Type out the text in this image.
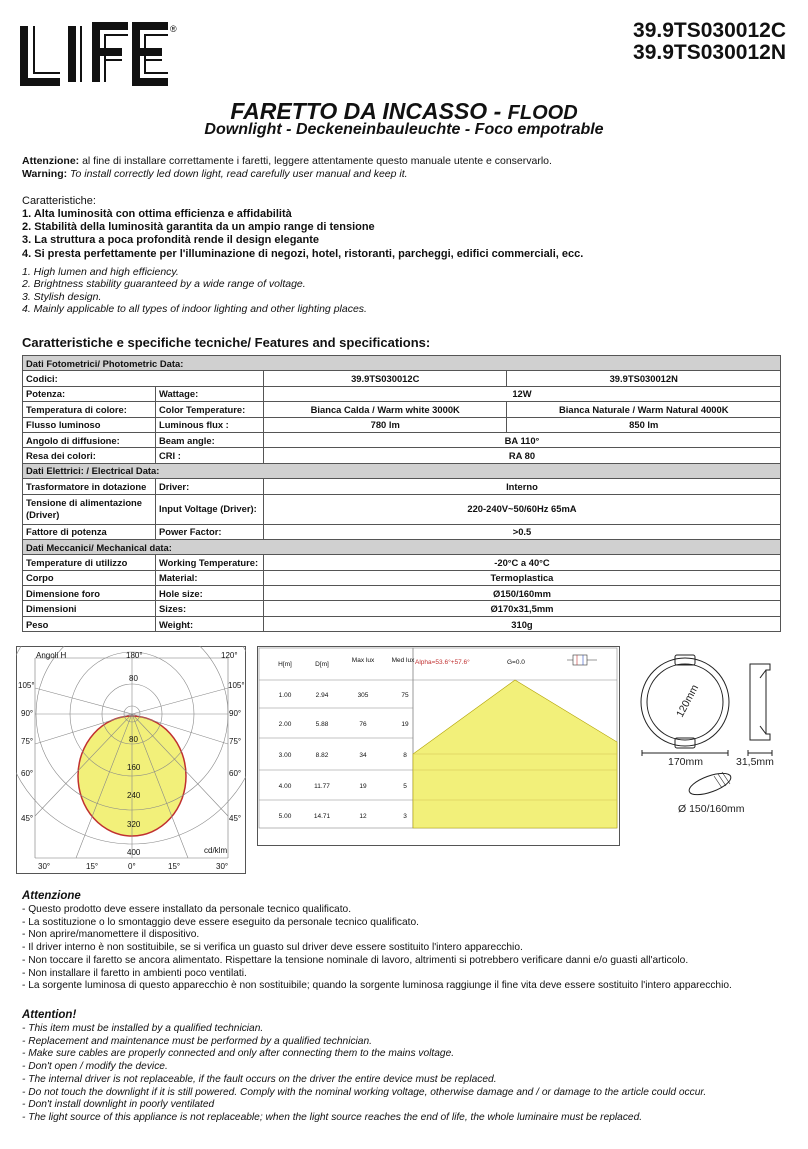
®	39.9TS030012C
39.9TS030012N
FARETTO DA INCASSO - FLOOD
Downlight - Deckeneinbauleuchte - Foco empotrable
Attenzione: al fine di installare correttamente i faretti, leggere attentamente questo manuale utente e conservarlo.
Warning: To install correctly led down light, read carefully user manual and keep it.
Caratteristiche:
1. Alta luminosità con ottima efficienza e affidabilità
2. Stabilità della luminosità garantita da un ampio range di tensione
3. La struttura a poca profondità rende il design elegante
4. Si presta perfettamente per l'illuminazione di negozi, hotel, ristoranti, parcheggi, edifici commerciali, ecc.
1. High lumen and high efficiency.
2. Brightness stability guaranteed by a wide range of voltage.
3. Stylish design.
4. Mainly applicable to all types of indoor lighting and other lighting places.
Caratteristiche e specifiche tecniche/ Features and specifications:
Dati Fotometrici/ Photometric Data:			
Codici:		39.9TS030012C	39.9TS030012N
Potenza:	Wattage:	12W	
Temperatura di colore:	Color Temperature:	Bianca Calda / Warm white 3000K	Bianca Naturale / Warm Natural 4000K
Flusso luminoso	Luminous flux :	780 lm	850 lm
Angolo di diffusione:	Beam angle:	BA 110°	
Resa dei colori:	CRI :	RA 80	
Dati Elettrici: / Electrical Data:			
Trasformatore in dotazione	Driver:	Interno	
Tensione di alimentazione (Driver)	Input Voltage (Driver):	220-240V~50/60Hz 65mA	
Fattore di potenza	Power Factor:	>0.5	
Dati Meccanici/ Mechanical data:			
Temperature di utilizzo	Working Temperature:	-20°C a 40°C	
Corpo	Material:	Termoplastica	
Dimensione foro	Hole size:	Ø150/160mm	
Dimensioni	Sizes:	Ø170x31,5mm	
Peso	Weight:	310g	
Angoli H	180°	120°
80
105°	105°
90°	90°
75°	75°
60°	60°
45°	45°
80
160
240
320
400	cd/klm
30°	15°	0°	15°	30°
H[m]	D[m]
Max lux	Med lux
1.00	2.94	305	75
2.00	5.88	76	19
3.00	8.82	34	8
4.00	11.77	19	5
5.00	14.71	12	3
Alpha=53.6°+57.6°	G=0.0
120mm
170mm	31,5mm
Ø 150/160mm
Attenzione
- Questo prodotto deve essere installato da personale tecnico qualificato.
- La sostituzione o lo smontaggio deve essere eseguito da personale tecnico qualificato.
- Non aprire/manomettere il dispositivo.
- Il driver interno è non sostituibile, se si verifica un guasto sul driver deve essere sostituito l'intero apparecchio.
- Non toccare il faretto se ancora alimentato. Rispettare la tensione nominale di lavoro, altrimenti si potrebbero verificare danni e/o guasti all'articolo.
- Non installare il faretto in ambienti poco ventilati.
- La sorgente luminosa di questo apparecchio è non sostituibile; quando la sorgente luminosa raggiunge il fine vita deve essere sostituito l'intero apparecchio.
Attention!
- This item must be installed by a qualified technician.
- Replacement and maintenance must be performed by a qualified technician.
- Make sure cables are properly connected and only after connecting them to the mains voltage.
- Don't open / modify the device.
- The internal driver is not replaceable, if the fault occurs on the driver the entire device must be replaced.
- Do not touch the downlight if it is still powered. Comply with the nominal working voltage, otherwise damage and / or damage to the article could occur.
- Don't install downlight in poorly ventilated
- The light source of this appliance is not replaceable; when the light source reaches the end of life, the whole luminaire must be replaced.
